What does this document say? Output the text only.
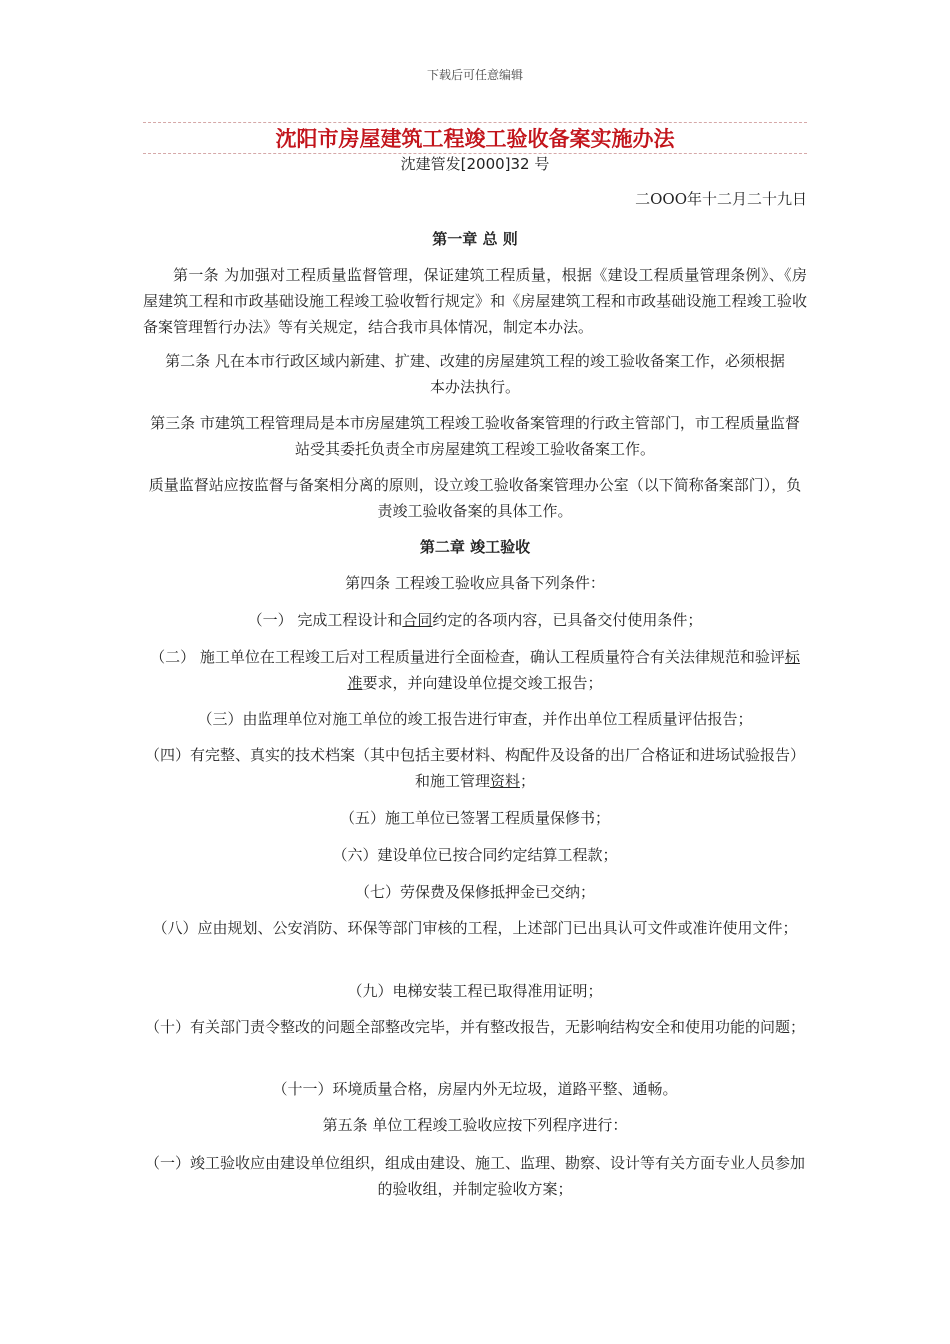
下载后可任意编辑
沈阳市房屋建筑工程竣工验收备案实施办法
沈建管发[2000]32 号
二OOO年十二月二十九日

第一章 总 则

第一条 为加强对工程质量监督管理，保证建筑工程质量，根据《建设工程质量管理条例》、《房屋建筑工程和市政基础设施工程竣工验收暂行规定》和《房屋建筑工程和市政基础设施工程竣工验收备案管理暂行办法》等有关规定，结合我市具体情况，制定本办法。

第二条 凡在本市行政区域内新建、扩建、改建的房屋建筑工程的竣工验收备案工作，必须根据本办法执行。

第三条 市建筑工程管理局是本市房屋建筑工程竣工验收备案管理的行政主管部门，市工程质量监督站受其委托负责全市房屋建筑工程竣工验收备案工作。

质量监督站应按监督与备案相分离的原则，设立竣工验收备案管理办公室（以下简称备案部门），负责竣工验收备案的具体工作。

第二章 竣工验收

第四条 工程竣工验收应具备下列条件：

（一） 完成工程设计和合同约定的各项内容，已具备交付使用条件；

（二） 施工单位在工程竣工后对工程质量进行全面检查，确认工程质量符合有关法律规范和验评标准要求，并向建设单位提交竣工报告；

（三）由监理单位对施工单位的竣工报告进行审查，并作出单位工程质量评估报告；

（四）有完整、真实的技术档案（其中包括主要材料、构配件及设备的出厂合格证和进场试验报告）和施工管理资料；

（五）施工单位已签署工程质量保修书；

（六）建设单位已按合同约定结算工程款；

（七）劳保费及保修抵押金已交纳；

（八）应由规划、公安消防、环保等部门审核的工程，上述部门已出具认可文件或准许使用文件；

（九）电梯安装工程已取得准用证明；

（十）有关部门责令整改的问题全部整改完毕，并有整改报告，无影响结构安全和使用功能的问题；

（十一）环境质量合格，房屋内外无垃圾，道路平整、通畅。

第五条 单位工程竣工验收应按下列程序进行：

（一）竣工验收应由建设单位组织，组成由建设、施工、监理、勘察、设计等有关方面专业人员参加的验收组，并制定验收方案；
